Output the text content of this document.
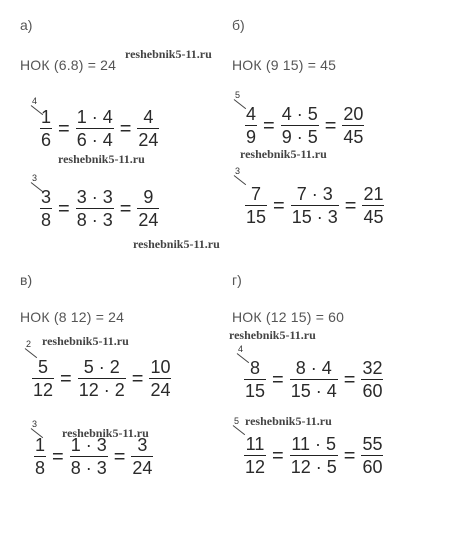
а)
НОК (6.8) = 24
4
$\frac{1}{6} = \frac{1 \cdot 4}{6 \cdot 4} = \frac{4}{24}$
3
$\frac{3}{8} = \frac{3 \cdot 3}{8 \cdot 3} = \frac{9}{24}$
б)
НОК (9 15) = 45
5
$\frac{4}{9} = \frac{4 \cdot 5}{9 \cdot 5} = \frac{20}{45}$
3
$\frac{7}{15} = \frac{7 \cdot 3}{15 \cdot 3} = \frac{21}{45}$
в)
НОК (8 12) = 24
2
$\frac{5}{12} = \frac{5 \cdot 2}{12 \cdot 2} = \frac{10}{24}$
3
$\frac{1}{8} = \frac{1 \cdot 3}{8 \cdot 3} = \frac{3}{24}$
г)
НОК (12 15) = 60
4
$\frac{8}{15} = \frac{8 \cdot 4}{15 \cdot 4} = \frac{32}{60}$
5
$\frac{11}{12} = \frac{11 \cdot 5}{12 \cdot 5} = \frac{55}{60}$
reshebnik5-11.ru
reshebnik5-11.ru	reshebnik5-11.ru
reshebnik5-11.ru
reshebnik5-11.ru	reshebnik5-11.ru
reshebnik5-11.ru
reshebnik5-11.ru
